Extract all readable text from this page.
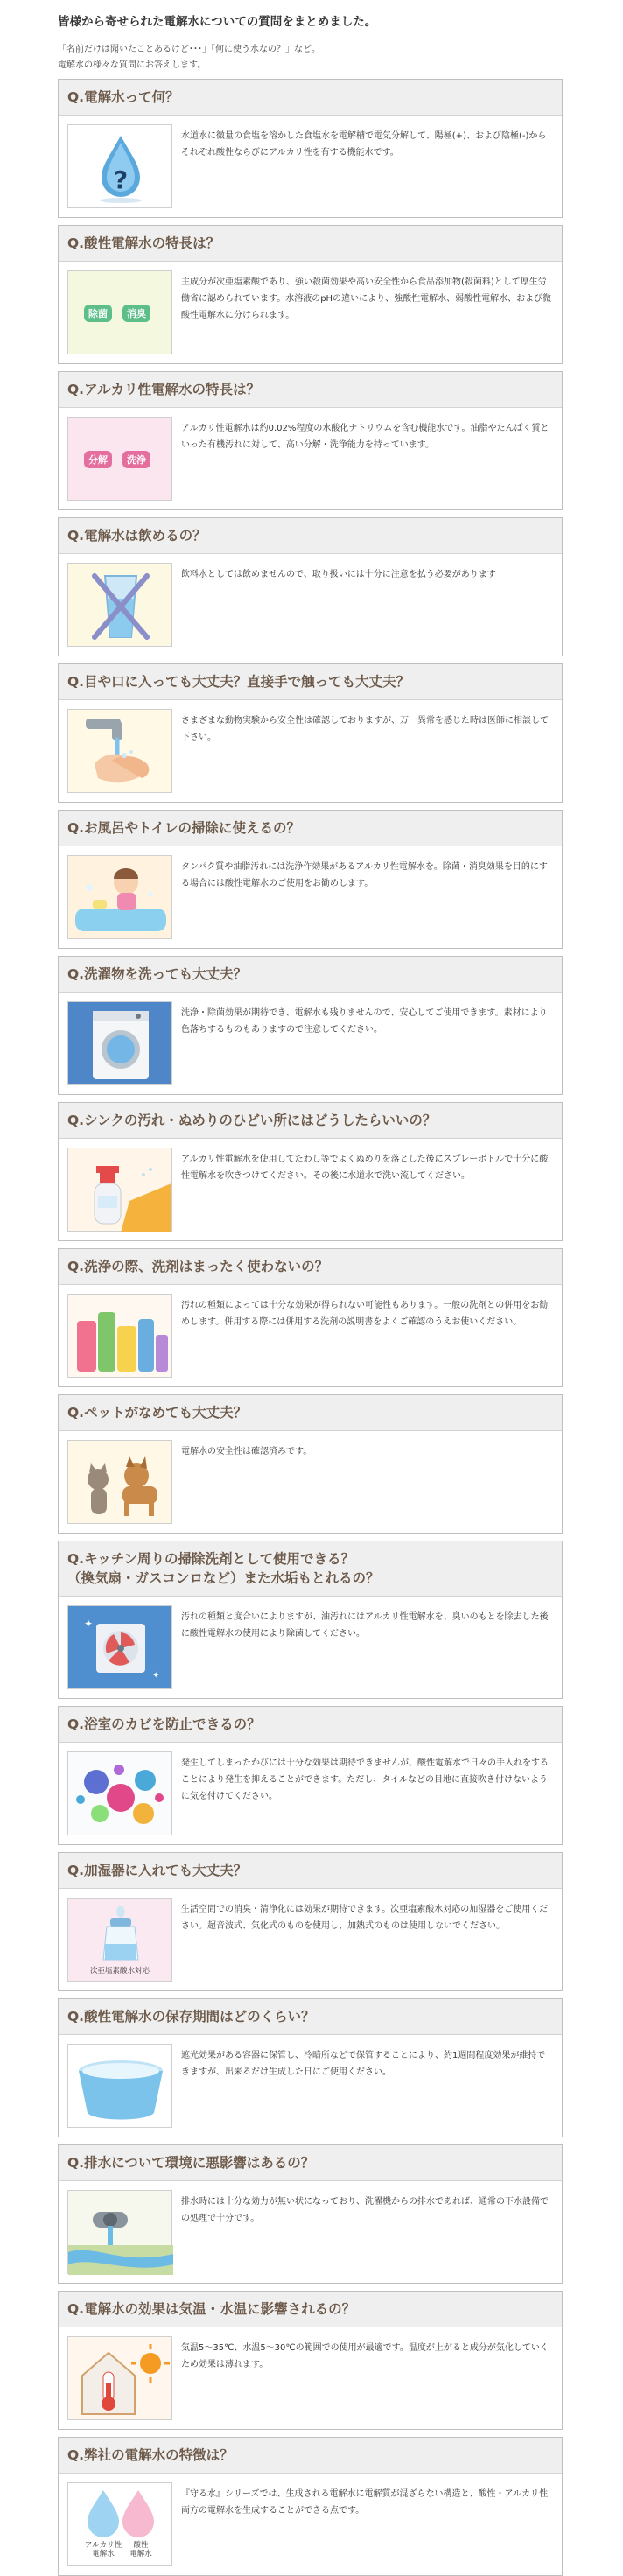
皆様から寄せられた電解水についての質問をまとめました。
「名前だけは聞いたことあるけど･･･」「何に使う水なの？」など。
電解水の様々な質問にお答えします。
Q.電解水って何？
?
水道水に微量の食塩を溶かした食塩水を電解槽で電気分解して、陽極(+)、および陰極(-)からそれぞれ酸性ならびにアルカリ性を有する機能水です。
Q.酸性電解水の特長は？
除菌	消臭
主成分が次亜塩素酸であり、強い殺菌効果や高い安全性から食品添加物(殺菌料)として厚生労働省に認められています。水溶液のpHの違いにより、強酸性電解水、弱酸性電解水、および微酸性電解水に分けられます。
Q.アルカリ性電解水の特長は？
分解	洗浄
アルカリ性電解水は約0.02%程度の水酸化ナトリウムを含む機能水です。油脂やたんぱく質といった有機汚れに対して、高い分解・洗浄能力を持っています。
Q.電解水は飲めるの？
飲料水としては飲めませんので、取り扱いには十分に注意を払う必要があります
Q.目や口に入っても大丈夫？直接手で触っても大丈夫？
さまざまな動物実験から安全性は確認しておりますが、万一異常を感じた時は医師に相談して下さい。
Q.お風呂やトイレの掃除に使えるの？
タンパク質や油脂汚れには洗浄作効果があるアルカリ性電解水を。除菌・消臭効果を目的にする場合には酸性電解水のご使用をお勧めします。
Q.洗濯物を洗っても大丈夫？
洗浄・除菌効果が期待でき、電解水も残りませんので、安心してご使用できます。素材により色落ちするものもありますので注意してください。
Q.シンクの汚れ・ぬめりのひどい所にはどうしたらいいの？
アルカリ性電解水を使用してたわし等でよくぬめりを落とした後にスプレーボトルで十分に酸性電解水を吹きつけてください。その後に水道水で洗い流してください。
Q.洗浄の際、洗剤はまったく使わないの？
汚れの種類によっては十分な効果が得られない可能性もあります。一般の洗剤との併用をお勧めします。併用する際には併用する洗剤の説明書をよくご確認のうえお使いください。
Q.ペットがなめても大丈夫？
電解水の安全性は確認済みです。
Q.キッチン周りの掃除洗剤として使用できる？
（換気扇・ガスコンロなど）また水垢もとれるの？
✦
✦
汚れの種類と度合いによりますが、油汚れにはアルカリ性電解水を、臭いのもとを除去した後に酸性電解水の使用により除菌してください。
Q.浴室のカビを防止できるの？
発生してしまったかびには十分な効果は期待できませんが、酸性電解水で日々の手入れをすることにより発生を抑えることができます。ただし、タイルなどの目地に直接吹き付けないように気を付けてください。
Q.加湿器に入れても大丈夫？
次亜塩素酸水対応
生活空間での消臭・清浄化には効果が期待できます。次亜塩素酸水対応の加湿器をご使用ください。超音波式、気化式のものを使用し、加熱式のものは使用しないでください。
Q.酸性電解水の保存期間はどのくらい？
遮光効果がある容器に保管し、冷暗所などで保管することにより、約1週間程度効果が維持できますが、出来るだけ生成した日にご使用ください。
Q.排水について環境に悪影響はあるの？
排水時には十分な効力が無い状になっており、洗濯機からの排水であれば、通常の下水設備での処理で十分です。
Q.電解水の効果は気温・水温に影響されるの？
気温5～35℃、水温5～30℃の範囲での使用が最適です。温度が上がると成分が気化していくため効果は薄れます。
Q.弊社の電解水の特徴は？
アルカリ性
電解水
酸性
電解水
『守る水』シリーズでは、生成される電解水に電解質が混ざらない構造と、酸性・アルカリ性両方の電解水を生成することができる点です。
